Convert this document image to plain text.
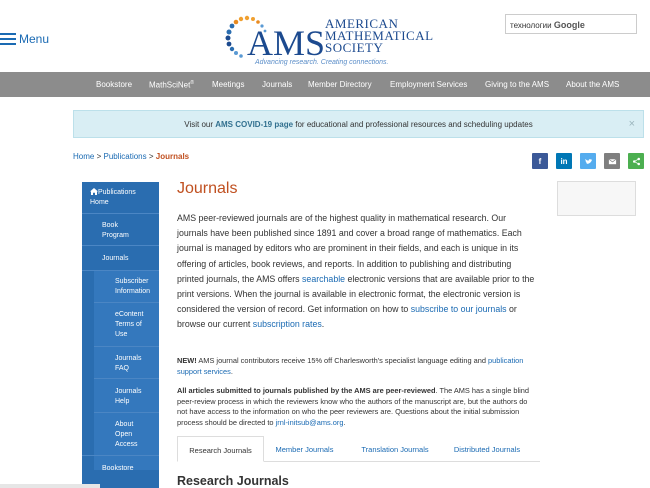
Menu	AMS AMERICAN
MATHEMATICAL
SOCIETY
Advancing research. Creating connections.
технологии Google
Bookstore MathSciNet® Meetings Journals Member Directory Employment Services Giving to the AMS About the AMS
Visit our AMS COVID-19 page for educational and professional resources and scheduling updates	×
Home > Publications > Journals	f in
Publications Home
Book Program
Journals
Subscriber Information
eContent Terms of Use
Journals FAQ
Journals Help
About Open Access
Bookstore
Journals

AMS peer-reviewed journals are of the highest quality in mathematical research. Our journals have been published since 1891 and cover a broad range of mathematics. Each journal is managed by editors who are prominent in their fields, and each is unique in its offering of articles, book reviews, and reports. In addition to publishing and distributing printed journals, the AMS offers searchable electronic versions that are available prior to the print versions. When the journal is available in electronic format, the electronic version is considered the version of record. Get information on how to subscribe to our journals or browse our current subscription rates.

NEW! AMS journal contributors receive 15% off Charlesworth's specialist language editing and publication support services.

All articles submitted to journals published by the AMS are peer-reviewed. The AMS has a single blind peer-review process in which the reviewers know who the authors of the manuscript are, but the authors do not have access to the information on who the peer reviewers are. Questions about the initial submission process should be directed to jrnl-initsub@ams.org.

Research Journals	Member Journals	Translation Journals	Distributed Journals
Research Journals
